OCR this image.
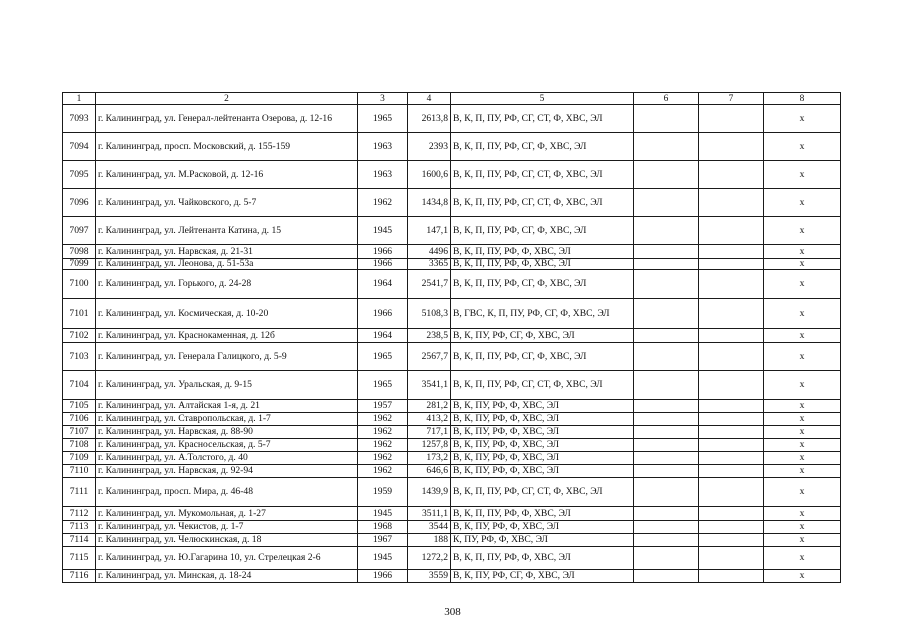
1	2	3	4	5	6	7	8
7093	г. Калининград, ул. Генерал-лейтенанта Озерова, д. 12-16	1965	2613,8	В, К, П, ПУ, РФ, СГ, СТ, Ф, ХВС, ЭЛ			x
7094	г. Калининград, просп. Московский, д. 155-159	1963	2393	В, К, П, ПУ, РФ, СГ, Ф, ХВС, ЭЛ			x
7095	г. Калининград, ул. М.Расковой, д. 12-16	1963	1600,6	В, К, П, ПУ, РФ, СГ, СТ, Ф, ХВС, ЭЛ			x
7096	г. Калининград, ул. Чайковского, д. 5-7	1962	1434,8	В, К, П, ПУ, РФ, СГ, СТ, Ф, ХВС, ЭЛ			x
7097	г. Калининград, ул. Лейтенанта Катина, д. 15	1945	147,1	В, К, П, ПУ, РФ, СГ, Ф, ХВС, ЭЛ			x
7098	г. Калининград, ул. Нарвская, д. 21-31	1966	4496	В, К, П, ПУ, РФ, Ф, ХВС, ЭЛ			x
7099	г. Калининград, ул. Леонова, д. 51-53а	1966	3365	В, К, П, ПУ, РФ, Ф, ХВС, ЭЛ			x
7100	г. Калининград, ул. Горького, д. 24-28	1964	2541,7	В, К, П, ПУ, РФ, СГ, Ф, ХВС, ЭЛ			x
7101	г. Калининград, ул. Космическая, д. 10-20	1966	5108,3	В, ГВС, К, П, ПУ, РФ, СГ, Ф, ХВС, ЭЛ			x
7102	г. Калининград, ул. Краснокаменная, д. 12б	1964	238,5	В, К, ПУ, РФ, СГ, Ф, ХВС, ЭЛ			x
7103	г. Калининград, ул. Генерала Галицкого, д. 5-9	1965	2567,7	В, К, П, ПУ, РФ, СГ, Ф, ХВС, ЭЛ			x
7104	г. Калининград, ул. Уральская, д. 9-15	1965	3541,1	В, К, П, ПУ, РФ, СГ, СТ, Ф, ХВС, ЭЛ			x
7105	г. Калининград, ул. Алтайская 1-я, д. 21	1957	281,2	В, К, ПУ, РФ, Ф, ХВС, ЭЛ			x
7106	г. Калининград, ул. Ставропольская, д. 1-7	1962	413,2	В, К, ПУ, РФ, Ф, ХВС, ЭЛ			x
7107	г. Калининград, ул. Нарвская, д. 88-90	1962	717,1	В, К, ПУ, РФ, Ф, ХВС, ЭЛ			x
7108	г. Калининград, ул. Красносельская, д. 5-7	1962	1257,8	В, К, ПУ, РФ, Ф, ХВС, ЭЛ			x
7109	г. Калининград, ул. А.Толстого, д. 40	1962	173,2	В, К, ПУ, РФ, Ф, ХВС, ЭЛ			x
7110	г. Калининград, ул. Нарвская, д. 92-94	1962	646,6	В, К, ПУ, РФ, Ф, ХВС, ЭЛ			x
7111	г. Калининград, просп. Мира, д. 46-48	1959	1439,9	В, К, П, ПУ, РФ, СГ, СТ, Ф, ХВС, ЭЛ			x
7112	г. Калининград, ул. Мукомольная, д. 1-27	1945	3511,1	В, К, П, ПУ, РФ, Ф, ХВС, ЭЛ			x
7113	г. Калининград, ул. Чекистов, д. 1-7	1968	3544	В, К, ПУ, РФ, Ф, ХВС, ЭЛ			x
7114	г. Калининград, ул. Челюскинская, д. 18	1967	188	К, ПУ, РФ, Ф, ХВС, ЭЛ			x
7115	г. Калининград, ул. Ю.Гагарина 10, ул. Стрелецкая 2-6	1945	1272,2	В, К, П, ПУ, РФ, Ф, ХВС, ЭЛ			x
7116	г. Калининград, ул. Минская, д. 18-24	1966	3559	В, К, ПУ, РФ, СГ, Ф, ХВС, ЭЛ			x
308
